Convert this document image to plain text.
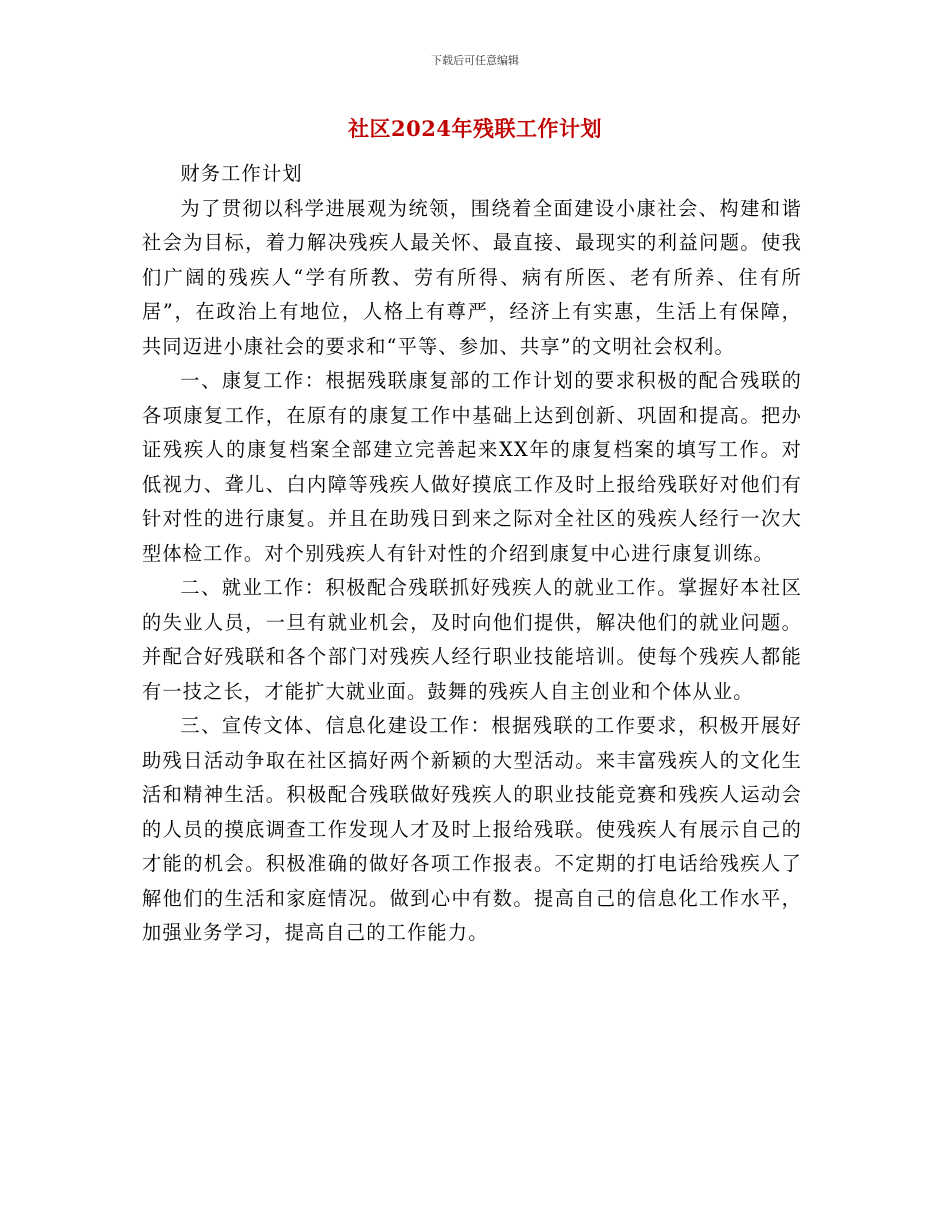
下载后可任意编辑
社区2024年残联工作计划

财务工作计划

为了贯彻以科学进展观为统领，围绕着全面建设小康社会、构建和谐社会为目标，着力解决残疾人最关怀、最直接、最现实的利益问题。使我们广阔的残疾人“学有所教、劳有所得、病有所医、老有所养、住有所居”，在政治上有地位，人格上有尊严，经济上有实惠，生活上有保障，共同迈进小康社会的要求和“平等、参加、共享”的文明社会权利。

一、康复工作：根据残联康复部的工作计划的要求积极的配合残联的各项康复工作，在原有的康复工作中基础上达到创新、巩固和提高。把办证残疾人的康复档案全部建立完善起来XX年的康复档案的填写工作。对低视力、聋儿、白内障等残疾人做好摸底工作及时上报给残联好对他们有针对性的进行康复。并且在助残日到来之际对全社区的残疾人经行一次大型体检工作。对个别残疾人有针对性的介绍到康复中心进行康复训练。

二、就业工作：积极配合残联抓好残疾人的就业工作。掌握好本社区的失业人员，一旦有就业机会，及时向他们提供，解决他们的就业问题。并配合好残联和各个部门对残疾人经行职业技能培训。使每个残疾人都能有一技之长，才能扩大就业面。鼓舞的残疾人自主创业和个体从业。

三、宣传文体、信息化建设工作：根据残联的工作要求，积极开展好助残日活动争取在社区搞好两个新颖的大型活动。来丰富残疾人的文化生活和精神生活。积极配合残联做好残疾人的职业技能竞赛和残疾人运动会的人员的摸底调查工作发现人才及时上报给残联。使残疾人有展示自己的才能的机会。积极准确的做好各项工作报表。不定期的打电话给残疾人了解他们的生活和家庭情况。做到心中有数。提高自己的信息化工作水平，加强业务学习，提高自己的工作能力。
